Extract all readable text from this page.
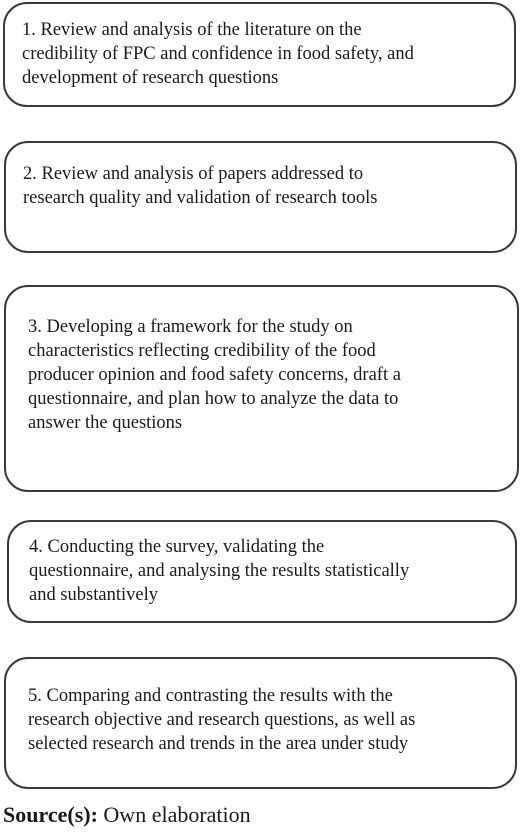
1. Review and analysis of the literature on the
credibility of FPC and confidence in food safety, and
development of research questions
2. Review and analysis of papers addressed to
research quality and validation of research tools
3. Developing a framework for the study on
characteristics reflecting credibility of the food
producer opinion and food safety concerns, draft a
questionnaire, and plan how to analyze the data to
answer the questions
4. Conducting the survey, validating the
questionnaire, and analysing the results statistically
and substantively
5. Comparing and contrasting the results with the
research objective and research questions, as well as
selected research and trends in the area under study
Source(s): Own elaboration
